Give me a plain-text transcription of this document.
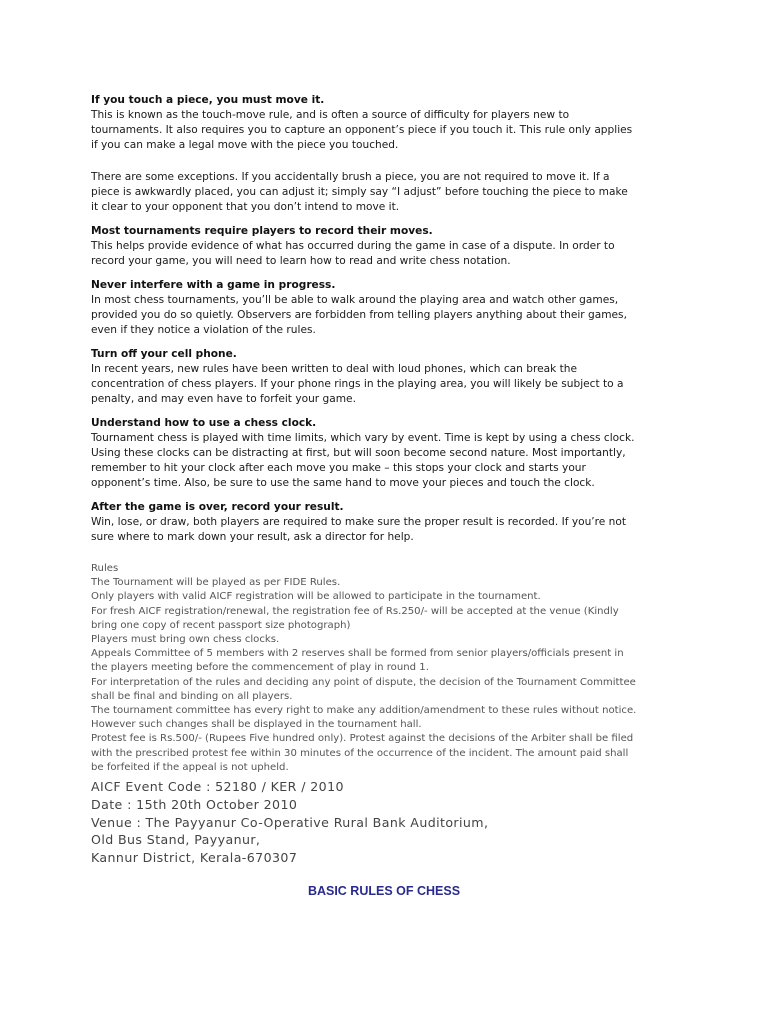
If you touch a piece, you must move it.

This is known as the touch-move rule, and is often a source of difficulty for players new to

tournaments. It also requires you to capture an opponent’s piece if you touch it. This rule only applies

if you can make a legal move with the piece you touched.

There are some exceptions. If you accidentally brush a piece, you are not required to move it. If a

piece is awkwardly placed, you can adjust it; simply say “I adjust” before touching the piece to make

it clear to your opponent that you don’t intend to move it.

Most tournaments require players to record their moves.

This helps provide evidence of what has occurred during the game in case of a dispute. In order to

record your game, you will need to learn how to read and write chess notation.

Never interfere with a game in progress.

In most chess tournaments, you’ll be able to walk around the playing area and watch other games,

provided you do so quietly. Observers are forbidden from telling players anything about their games,

even if they notice a violation of the rules.

Turn off your cell phone.

In recent years, new rules have been written to deal with loud phones, which can break the

concentration of chess players. If your phone rings in the playing area, you will likely be subject to a

penalty, and may even have to forfeit your game.

Understand how to use a chess clock.

Tournament chess is played with time limits, which vary by event. Time is kept by using a chess clock.

Using these clocks can be distracting at first, but will soon become second nature. Most importantly,

remember to hit your clock after each move you make – this stops your clock and starts your

opponent’s time. Also, be sure to use the same hand to move your pieces and touch the clock.

After the game is over, record your result.

Win, lose, or draw, both players are required to make sure the proper result is recorded. If you’re not

sure where to mark down your result, ask a director for help.

Rules

The Tournament will be played as per FIDE Rules.

Only players with valid AICF registration will be allowed to participate in the tournament.

For fresh AICF registration/renewal, the registration fee of Rs.250/- will be accepted at the venue (Kindly

bring one copy of recent passport size photograph)

Players must bring own chess clocks.

Appeals Committee of 5 members with 2 reserves shall be formed from senior players/officials present in

the players meeting before the commencement of play in round 1.

For interpretation of the rules and deciding any point of dispute, the decision of the Tournament Committee

shall be final and binding on all players.

The tournament committee has every right to make any addition/amendment to these rules without notice.

However such changes shall be displayed in the tournament hall.

Protest fee is Rs.500/- (Rupees Five hundred only). Protest against the decisions of the Arbiter shall be filed

with the prescribed protest fee within 30 minutes of the occurrence of the incident. The amount paid shall

be forfeited if the appeal is not upheld.

AICF Event Code : 52180 / KER / 2010
Date : 15th 20th October 2010
Venue : The Payyanur Co-Operative Rural Bank Auditorium,
Old Bus Stand, Payyanur,
Kannur District, Kerala-670307
BASIC RULES OF CHESS
